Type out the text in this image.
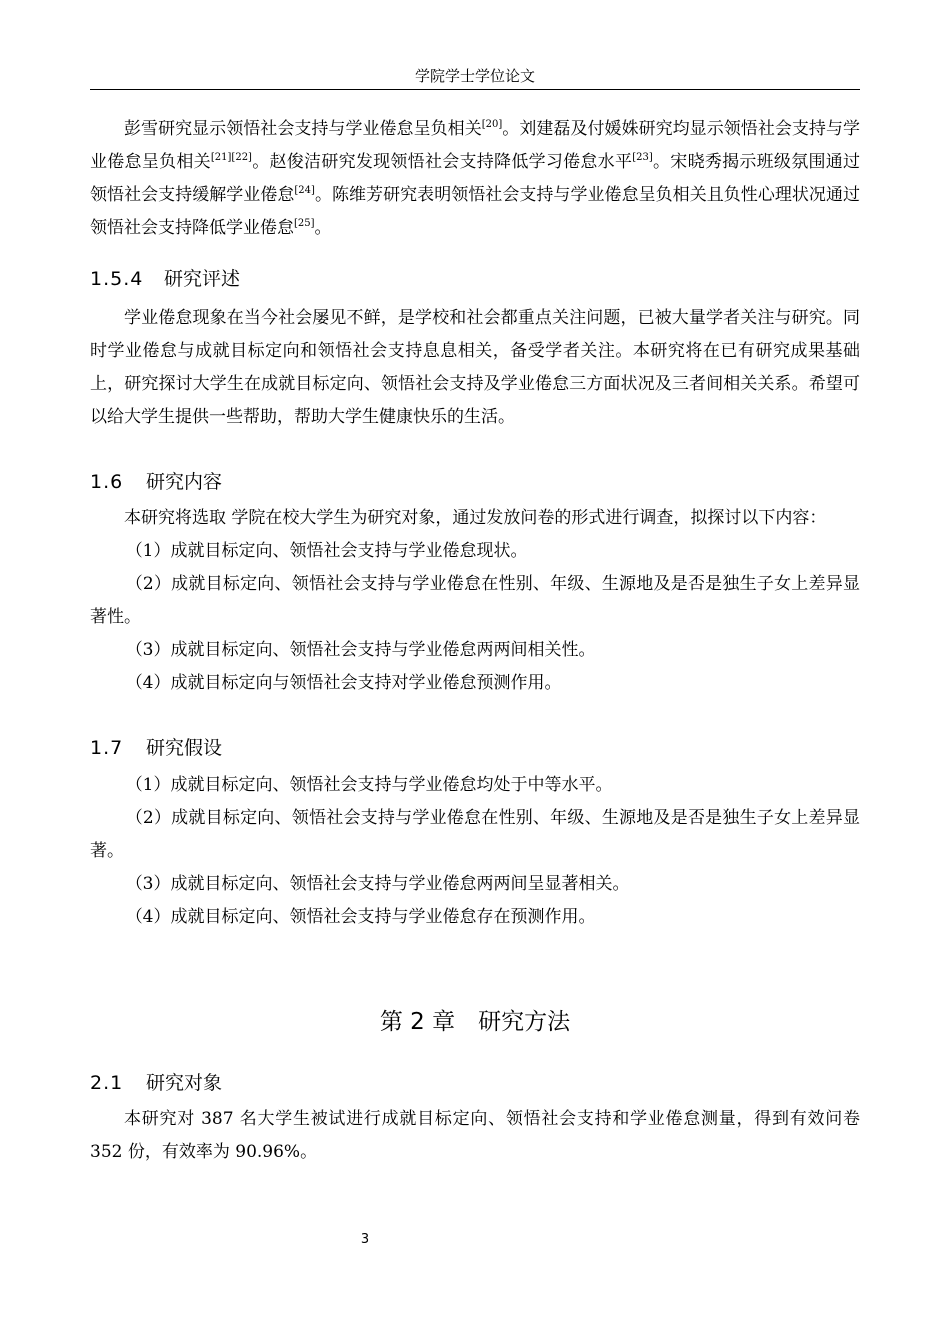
学院学士学位论文

彭雪研究显示领悟社会支持与学业倦怠呈负相关[20]。刘建磊及付媛姝研究均显示领悟社会支持与学业倦怠呈负相关[21][22]。赵俊洁研究发现领悟社会支持降低学习倦怠水平[23]。宋晓秀揭示班级氛围通过领悟社会支持缓解学业倦怠[24]。陈维芳研究表明领悟社会支持与学业倦怠呈负相关且负性心理状况通过领悟社会支持降低学业倦怠[25]。

1.5.4 研究评述

学业倦怠现象在当今社会屡见不鲜，是学校和社会都重点关注问题，已被大量学者关注与研究。同时学业倦怠与成就目标定向和领悟社会支持息息相关，备受学者关注。本研究将在已有研究成果基础上，研究探讨大学生在成就目标定向、领悟社会支持及学业倦怠三方面状况及三者间相关关系。希望可以给大学生提供一些帮助，帮助大学生健康快乐的生活。

1.6 研究内容

本研究将选取 学院在校大学生为研究对象，通过发放问卷的形式进行调查，拟探讨以下内容：

（1）成就目标定向、领悟社会支持与学业倦怠现状。

（2）成就目标定向、领悟社会支持与学业倦怠在性别、年级、生源地及是否是独生子女上差异显著性。

（3）成就目标定向、领悟社会支持与学业倦怠两两间相关性。

（4）成就目标定向与领悟社会支持对学业倦怠预测作用。

1.7 研究假设

（1）成就目标定向、领悟社会支持与学业倦怠均处于中等水平。

（2）成就目标定向、领悟社会支持与学业倦怠在性别、年级、生源地及是否是独生子女上差异显著。

（3）成就目标定向、领悟社会支持与学业倦怠两两间呈显著相关。

（4）成就目标定向、领悟社会支持与学业倦怠存在预测作用。

第 2 章　研究方法
2.1 研究对象

本研究对 387 名大学生被试进行成就目标定向、领悟社会支持和学业倦怠测量，得到有效问卷 352 份，有效率为 90.96%。

3
